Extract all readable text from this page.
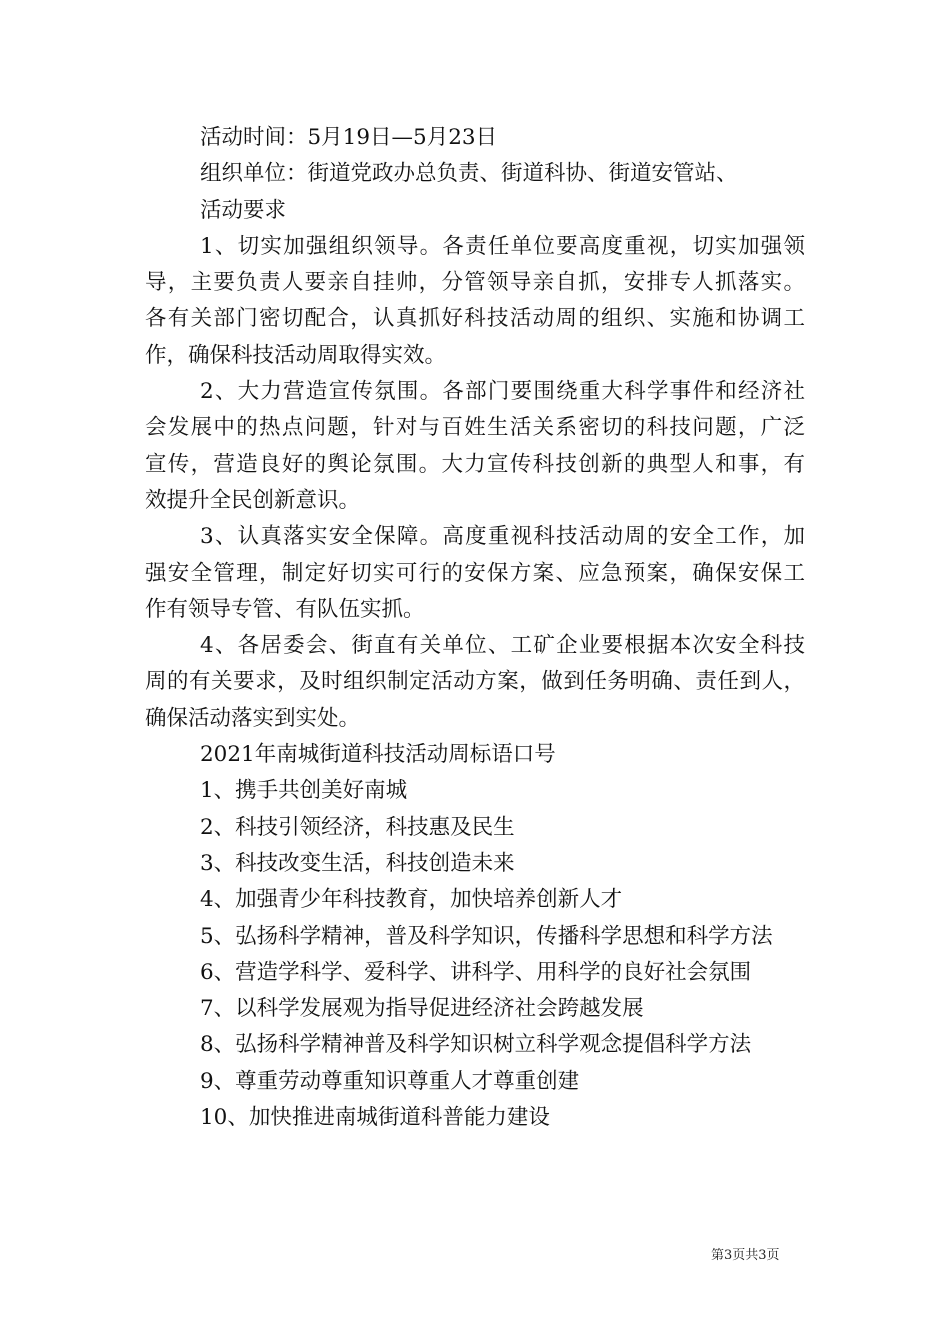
活动时间：5月19日—5月23日
组织单位：街道党政办总负责、街道科协、街道安管站、
活动要求
1、切实加强组织领导。各责任单位要高度重视，切实加强领
导，主要负责人要亲自挂帅，分管领导亲自抓，安排专人抓落实。
各有关部门密切配合，认真抓好科技活动周的组织、实施和协调工
作，确保科技活动周取得实效。
2、大力营造宣传氛围。各部门要围绕重大科学事件和经济社
会发展中的热点问题，针对与百姓生活关系密切的科技问题，广泛
宣传，营造良好的舆论氛围。大力宣传科技创新的典型人和事，有
效提升全民创新意识。
3、认真落实安全保障。高度重视科技活动周的安全工作，加
强安全管理，制定好切实可行的安保方案、应急预案，确保安保工
作有领导专管、有队伍实抓。
4、各居委会、街直有关单位、工矿企业要根据本次安全科技
周的有关要求，及时组织制定活动方案，做到任务明确、责任到人，
确保活动落实到实处。
2021年南城街道科技活动周标语口号
1、携手共创美好南城
2、科技引领经济，科技惠及民生
3、科技改变生活，科技创造未来
4、加强青少年科技教育，加快培养创新人才
5、弘扬科学精神，普及科学知识，传播科学思想和科学方法
6、营造学科学、爱科学、讲科学、用科学的良好社会氛围
7、以科学发展观为指导促进经济社会跨越发展
8、弘扬科学精神普及科学知识树立科学观念提倡科学方法
9、尊重劳动尊重知识尊重人才尊重创建
10、加快推进南城街道科普能力建设
第3页共3页
